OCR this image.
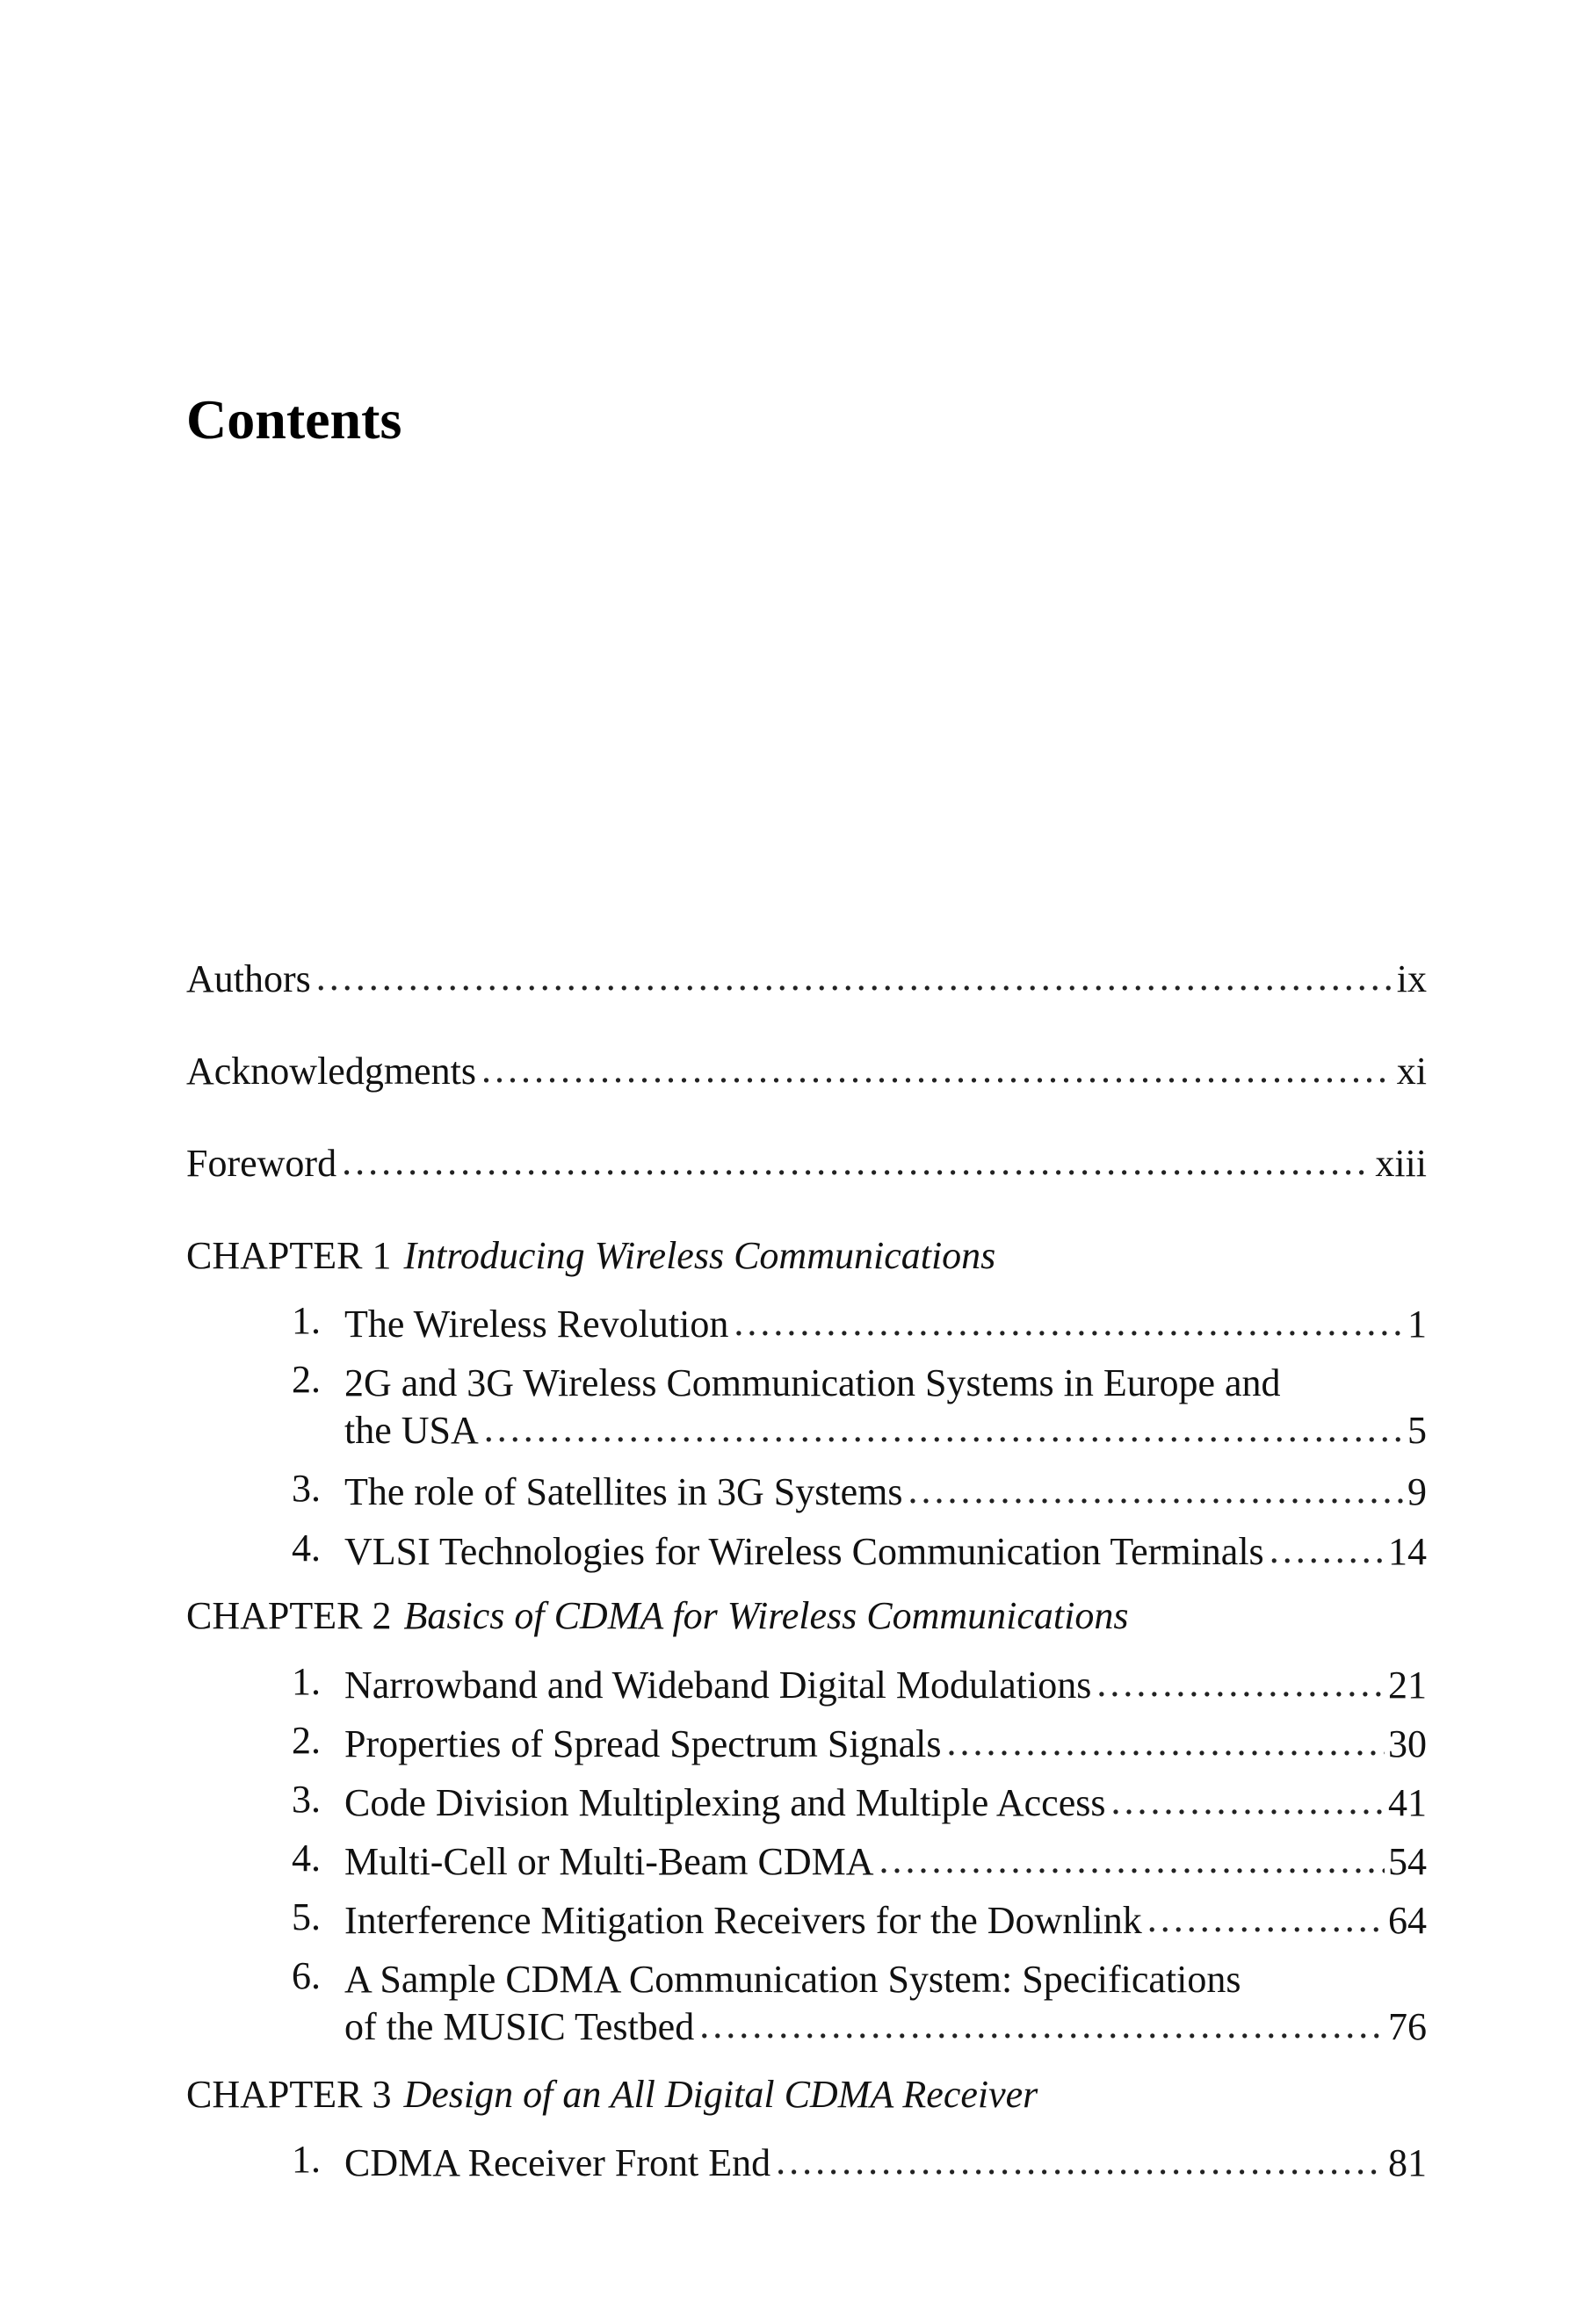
Contents
Authors .....	ix
Acknowledgments .....	xi
Foreword .....	xiii
CHAPTER 1 Introducing Wireless Communications
1. The Wireless Revolution .....	1
2. 2G and 3G Wireless Communication Systems in Europe and
the USA .....	5
3. The role of Satellites in 3G Systems .....	9
4. VLSI Technologies for Wireless Communication Terminals .....	14
CHAPTER 2 Basics of CDMA for Wireless Communications
1. Narrowband and Wideband Digital Modulations .....	21
2. Properties of Spread Spectrum Signals .....	30
3. Code Division Multiplexing and Multiple Access .....	41
4. Multi-Cell or Multi-Beam CDMA .....	54
5. Interference Mitigation Receivers for the Downlink .....	64
6. A Sample CDMA Communication System: Specifications
of the MUSIC Testbed .....	76
CHAPTER 3 Design of an All Digital CDMA Receiver
1. CDMA Receiver Front End .....	81
